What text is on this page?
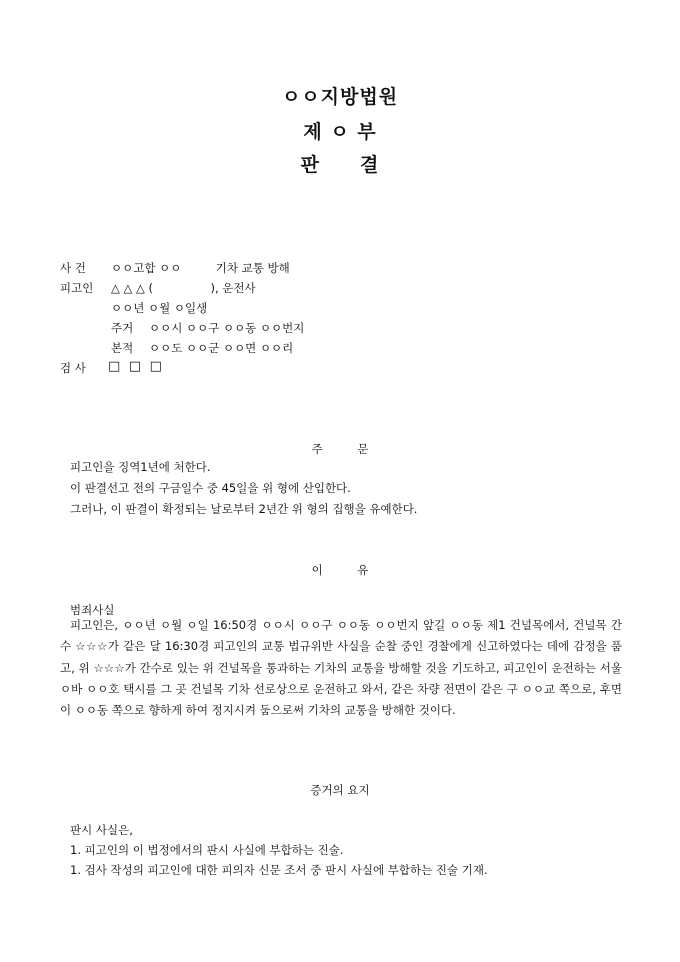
ㅇㅇ지방법원
제 ㅇ 부
판　　결
사 건 ㅇㅇ고합 ㅇㅇ　　　기차 교통 방해
피고인 △ △ △ (　　　　　), 운전사
ㅇㅇ년 ㅇ월 ㅇ일생
주거 ㅇㅇ시 ㅇㅇ구 ㅇㅇ동 ㅇㅇ번지
본적 ㅇㅇ도 ㅇㅇ군 ㅇㅇ면 ㅇㅇ리
검 사 □ □ □
주　　　문
피고인을 징역1년에 처한다.
이 판결선고 전의 구금일수 중 45일을 위 형에 산입한다.
그러나, 이 판결이 확정되는 날로부터 2년간 위 형의 집행을 유예한다.
이　　　유
범죄사실
피고인은, ㅇㅇ년 ㅇ월 ㅇ일 16:50경 ㅇㅇ시 ㅇㅇ구 ㅇㅇ동 ㅇㅇ번지 앞길 ㅇㅇ동 제1 건널목에서, 건널목 간수 ☆☆☆가 같은 달 16:30경 피고인의 교통 법규위반 사실을 순찰 중인 경찰에게 신고하였다는 데에 감정을 품고, 위 ☆☆☆가 간수로 있는 위 건널목을 통과하는 기차의 교통을 방해할 것을 기도하고, 피고인이 운전하는 서울 ㅇ바 ㅇㅇ호 택시를 그 곳 건널목 기차 선로상으로 운전하고 와서, 같은 차량 전면이 같은 구 ㅇㅇ교 쪽으로, 후면이 ㅇㅇ동 쪽으로 향하게 하여 정지시켜 둠으로써 기차의 교통을 방해한 것이다.
증거의 요지
판시 사실은,
1. 피고인의 이 법정에서의 판시 사실에 부합하는 진술.
1. 검사 작성의 피고인에 대한 피의자 신문 조서 중 판시 사실에 부합하는 진술 기재.
